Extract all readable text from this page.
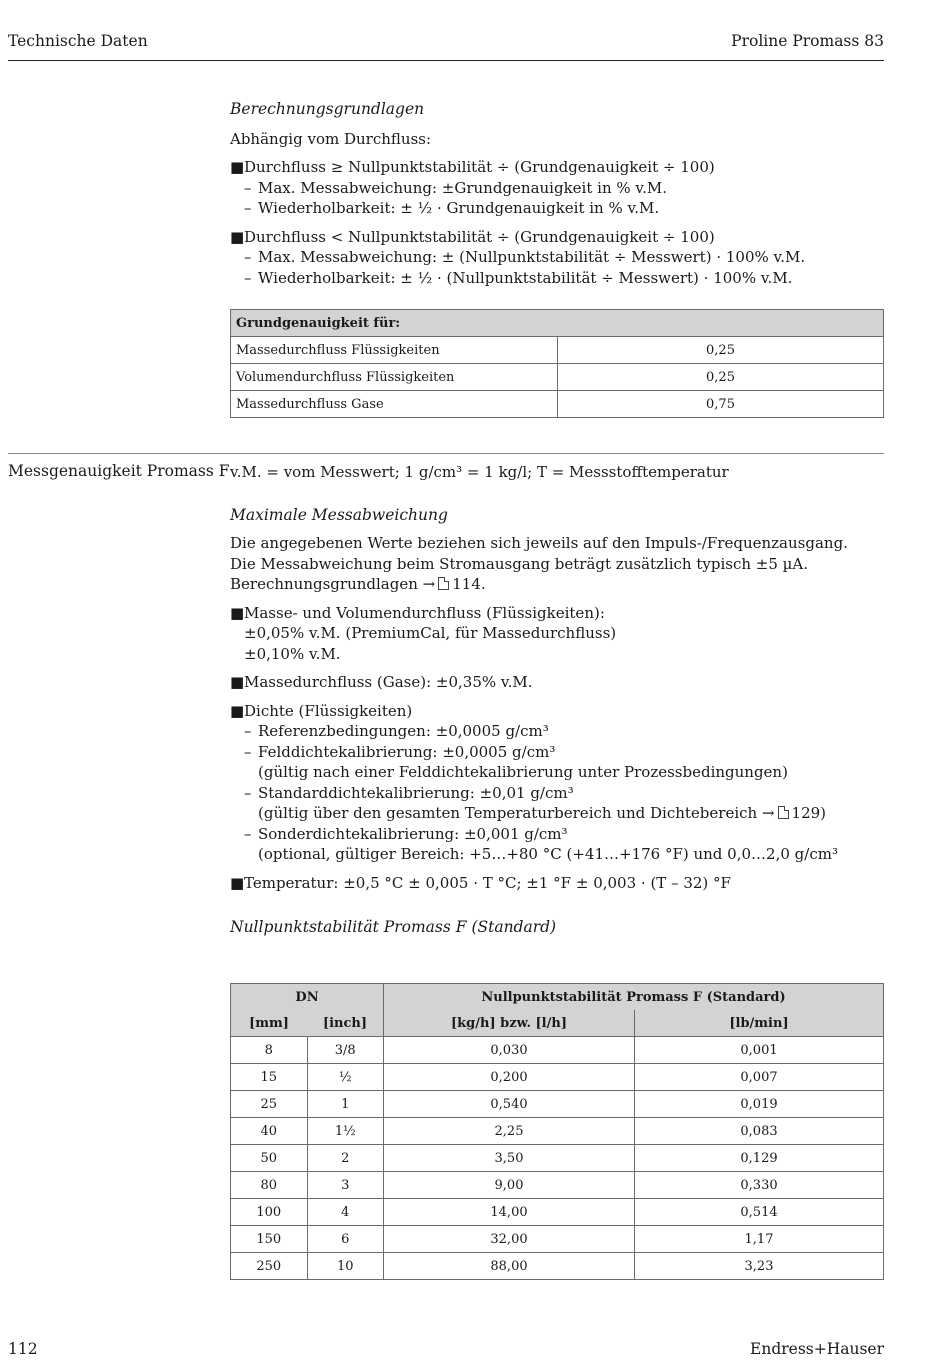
Technische Daten	Proline Promass 83

Berechnungsgrundlagen

Abhängig vom Durchfluss:

■ Durchfluss ≥ Nullpunktstabilität ÷ (Grundgenauigkeit ÷ 100)
– Max. Messabweichung: ±Grundgenauigkeit in % v.M.
– Wiederholbarkeit: ± ½ · Grundgenauigkeit in % v.M.
■ Durchfluss < Nullpunktstabilität ÷ (Grundgenauigkeit ÷ 100)
– Max. Messabweichung: ± (Nullpunktstabilität ÷ Messwert) · 100% v.M.
– Wiederholbarkeit: ± ½ · (Nullpunktstabilität ÷ Messwert) · 100% v.M.
Grundgenauigkeit für:	
Massedurchfluss Flüssigkeiten	0,25
Volumendurchfluss Flüssigkeiten	0,25
Massedurchfluss Gase	0,75
Messgenauigkeit Promass F v.M. = vom Messwert; 1 g/cm³ = 1 kg/l; T = Messstofftemperatur

Maximale Messabweichung

Die angegebenen Werte beziehen sich jeweils auf den Impuls-/Frequenzausgang.

Die Messabweichung beim Stromausgang beträgt zusätzlich typisch ±5 µA.

Berechnungsgrundlagen → 114.

■ Masse- und Volumendurchfluss (Flüssigkeiten):
±0,05% v.M. (PremiumCal, für Massedurchfluss)
±0,10% v.M.
■ Massedurchfluss (Gase): ±0,35% v.M.
■ Dichte (Flüssigkeiten)
– Referenzbedingungen: ±0,0005 g/cm³
– Felddichtekalibrierung: ±0,0005 g/cm³
(gültig nach einer Felddichtekalibrierung unter Prozessbedingungen)
– Standarddichtekalibrierung: ±0,01 g/cm³
(gültig über den gesamten Temperaturbereich und Dichtebereich → 129)
– Sonderdichtekalibrierung: ±0,001 g/cm³
(optional, gültiger Bereich: +5…+80 °C (+41…+176 °F) und 0,0…2,0 g/cm³
■ Temperatur: ±0,5 °C ± 0,005 · T °C; ±1 °F ± 0,003 · (T – 32) °F

Nullpunktstabilität Promass F (Standard)

DN		Nullpunktstabilität Promass F (Standard)	
[mm]	[inch]	[kg/h] bzw. [l/h]	[lb/min]
8	3/8	0,030	0,001
15	½	0,200	0,007
25	1	0,540	0,019
40	1½	2,25	0,083
50	2	3,50	0,129
80	3	9,00	0,330
100	4	14,00	0,514
150	6	32,00	1,17
250	10	88,00	3,23
112	Endress+Hauser
